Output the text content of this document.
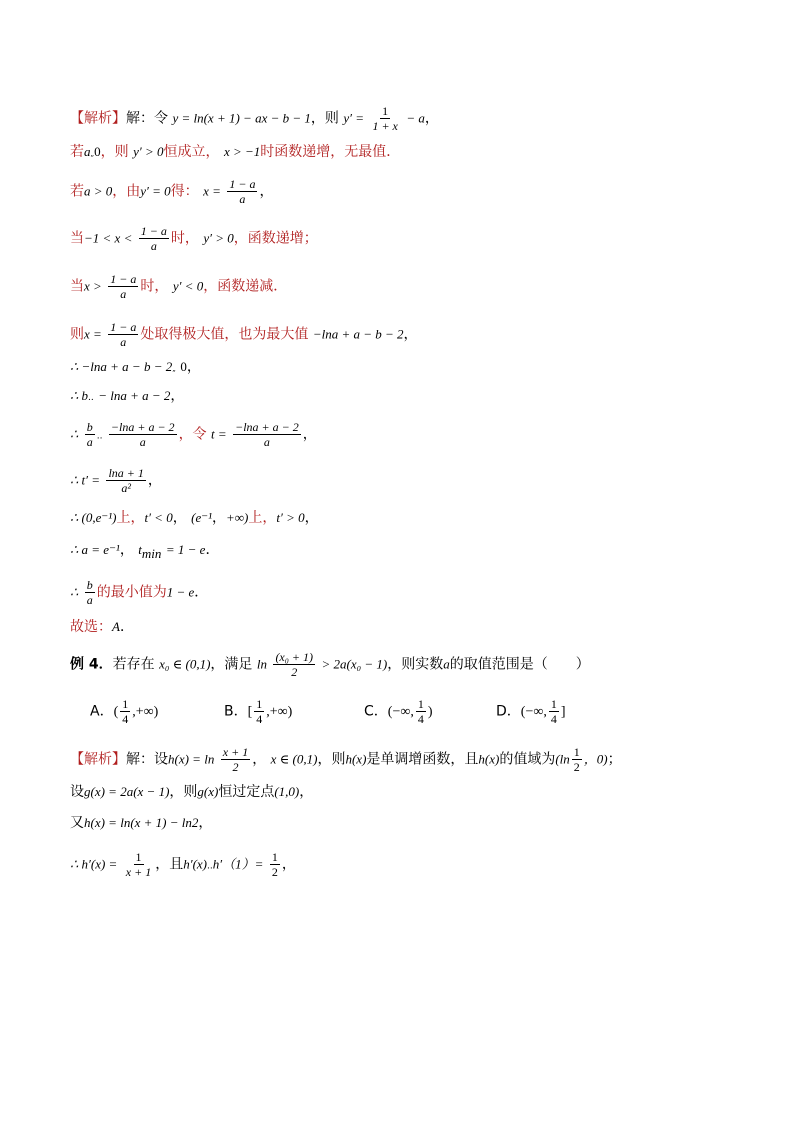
【解析】解：令 y = ln(x + 1) − ax − b − 1，则 $y' = \frac{1}{1 + x} - a$，
若a„0，则 y′ > 0恒成立， x > −1时函数递增，无最值．
若a > 0，由y′ = 0得： $x = \frac{1 - a}{a}$ ，
当$-1 < x < \frac{1 - a}{a}$ 时， y′ > 0，函数递增；
当$x > \frac{1 - a}{a}$ 时， y′ < 0，函数递减．
则$x = \frac{1 - a}{a}$ 处取得极大值，也为最大值 −lna + a − b − 2，
∴ −lna + a − b − 2„ 0，
∴ b.. − lna + a − 2，
∴ $\frac{b}{a}$ .. $\frac{-\ln a + a - 2}{a}$ ，令 $t = \frac{-\ln a + a - 2}{a}$ ，
∴ $t' = \frac{\ln a + 1}{\text{a²}}$ ，
∴ (0,e⁻¹)上，t′ < 0， (e⁻¹，+∞)上，t′ > 0，
∴ a = e⁻¹， $t_{min} = 1 - e$．
∴ $\frac{b}{a}$ 的最小值为1 − e．
故选：A．
例 4．若存在 x₀ ∈ (0,1)，满足 $\ln \frac{\text{(x₀ + 1)}}{2} > 2a(x_0 - 1)$，则实数a的取值范围是（　　）
A．( $\frac{1}{4}$ ,+∞)	B．[ $\frac{1}{4}$ ,+∞)	C．(−∞, $\frac{1}{4}$ )	D．(−∞, $\frac{1}{4}$ ]
【解析】解：设$h(x) = \ln \frac{x + 1}{2}$ ， x ∈ (0,1)，则h(x)是单调增函数，且h(x)的值域为($\ln \frac{1}{2}$ ，0)；
设g(x) = 2a(x − 1)，则g(x)恒过定点(1,0)，
又h(x) = ln(x + 1) − ln2，
∴ $h'(x) = \frac{1}{x + 1}$ ，且$h'(x)..h'(1)= \frac{1}{2}$ ，
